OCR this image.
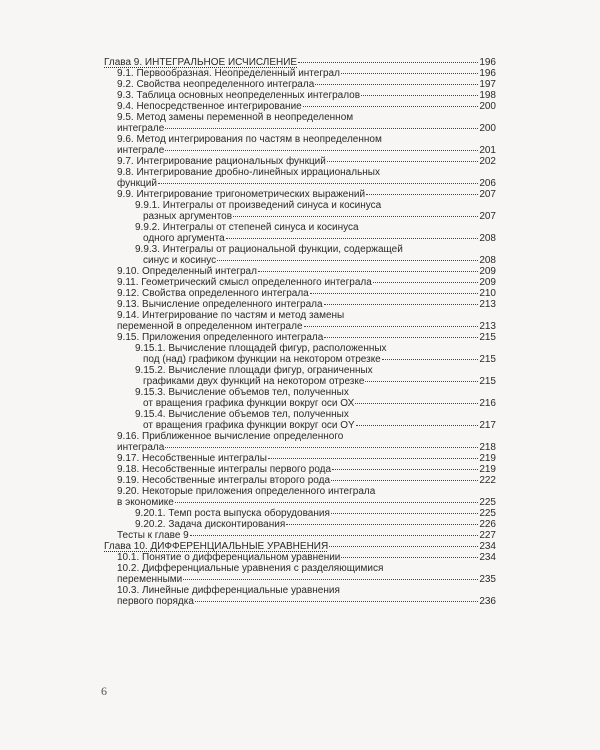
Глава 9. ИНТЕГРАЛЬНОЕ ИСЧИСЛЕНИЕ	196
9.1. Первообразная. Неопределенный интеграл	196
9.2. Свойства неопределенного интеграла	197
9.3. Таблица основных неопределенных интегралов	198
9.4. Непосредственное интегрирование	200
9.5. Метод замены переменной в неопределенном
интеграле	200
9.6. Метод интегрирования по частям в неопределенном
интеграле	201
9.7. Интегрирование рациональных функций	202
9.8. Интегрирование дробно-линейных иррациональных
функций	206
9.9. Интегрирование тригонометрических выражений	207
9.9.1. Интегралы от произведений синуса и косинуса
разных аргументов	207
9.9.2. Интегралы от степеней синуса и косинуса
одного аргумента	208
9.9.3. Интегралы от рациональной функции, содержащей
синус и косинус	208
9.10. Определенный интеграл	209
9.11. Геометрический смысл определенного интеграла	209
9.12. Свойства определенного интеграла	210
9.13. Вычисление определенного интеграла	213
9.14. Интегрирование по частям и метод замены
переменной в определенном интеграле	213
9.15. Приложения определенного интеграла	215
9.15.1. Вычисление площадей фигур, расположенных
под (над) графиком функции на некотором отрезке	215
9.15.2. Вычисление площади фигур, ограниченных
графиками двух функций на некотором отрезке	215
9.15.3. Вычисление объемов тел, полученных
от вращения графика функции вокруг оси ОХ	216
9.15.4. Вычисление объемов тел, полученных
от вращения графика функции вокруг оси ОY	217
9.16. Приближенное вычисление определенного
интеграла	218
9.17. Несобственные интегралы	219
9.18. Несобственные интегралы первого рода	219
9.19. Несобственные интегралы второго рода	222
9.20. Некоторые приложения определенного интеграла
в экономике	225
9.20.1. Темп роста выпуска оборудования	225
9.20.2. Задача дисконтирования	226
Тесты к главе 9	227
Глава 10. ДИФФЕРЕНЦИАЛЬНЫЕ УРАВНЕНИЯ	234
10.1. Понятие о дифференциальном уравнении	234
10.2. Дифференциальные уравнения с разделяющимися
переменными	235
10.3. Линейные дифференциальные уравнения
первого порядка	236
6
